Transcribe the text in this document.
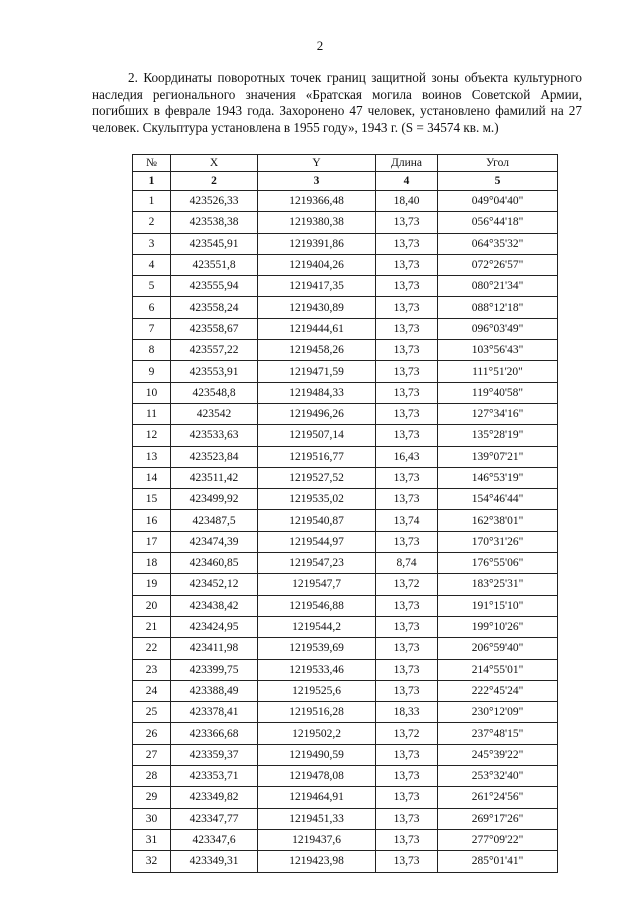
2
2. Координаты поворотных точек границ защитной зоны объекта культурного наследия регионального значения «Братская могила воинов Советской Армии, погибших в феврале 1943 года. Захоронено 47 человек, установлено фамилий на 27 человек. Скульптура установлена в 1955 году», 1943 г. (S = 34574 кв. м.)
№	X	Y	Длина	Угол
1	2	3	4	5
1	423526,33	1219366,48	18,40	049°04'40"
2	423538,38	1219380,38	13,73	056°44'18"
3	423545,91	1219391,86	13,73	064°35'32"
4	423551,8	1219404,26	13,73	072°26'57"
5	423555,94	1219417,35	13,73	080°21'34"
6	423558,24	1219430,89	13,73	088°12'18"
7	423558,67	1219444,61	13,73	096°03'49"
8	423557,22	1219458,26	13,73	103°56'43"
9	423553,91	1219471,59	13,73	111°51'20"
10	423548,8	1219484,33	13,73	119°40'58"
11	423542	1219496,26	13,73	127°34'16"
12	423533,63	1219507,14	13,73	135°28'19"
13	423523,84	1219516,77	16,43	139°07'21"
14	423511,42	1219527,52	13,73	146°53'19"
15	423499,92	1219535,02	13,73	154°46'44"
16	423487,5	1219540,87	13,74	162°38'01"
17	423474,39	1219544,97	13,73	170°31'26"
18	423460,85	1219547,23	8,74	176°55'06"
19	423452,12	1219547,7	13,72	183°25'31"
20	423438,42	1219546,88	13,73	191°15'10"
21	423424,95	1219544,2	13,73	199°10'26"
22	423411,98	1219539,69	13,73	206°59'40"
23	423399,75	1219533,46	13,73	214°55'01"
24	423388,49	1219525,6	13,73	222°45'24"
25	423378,41	1219516,28	18,33	230°12'09"
26	423366,68	1219502,2	13,72	237°48'15"
27	423359,37	1219490,59	13,73	245°39'22"
28	423353,71	1219478,08	13,73	253°32'40"
29	423349,82	1219464,91	13,73	261°24'56"
30	423347,77	1219451,33	13,73	269°17'26"
31	423347,6	1219437,6	13,73	277°09'22"
32	423349,31	1219423,98	13,73	285°01'41"
